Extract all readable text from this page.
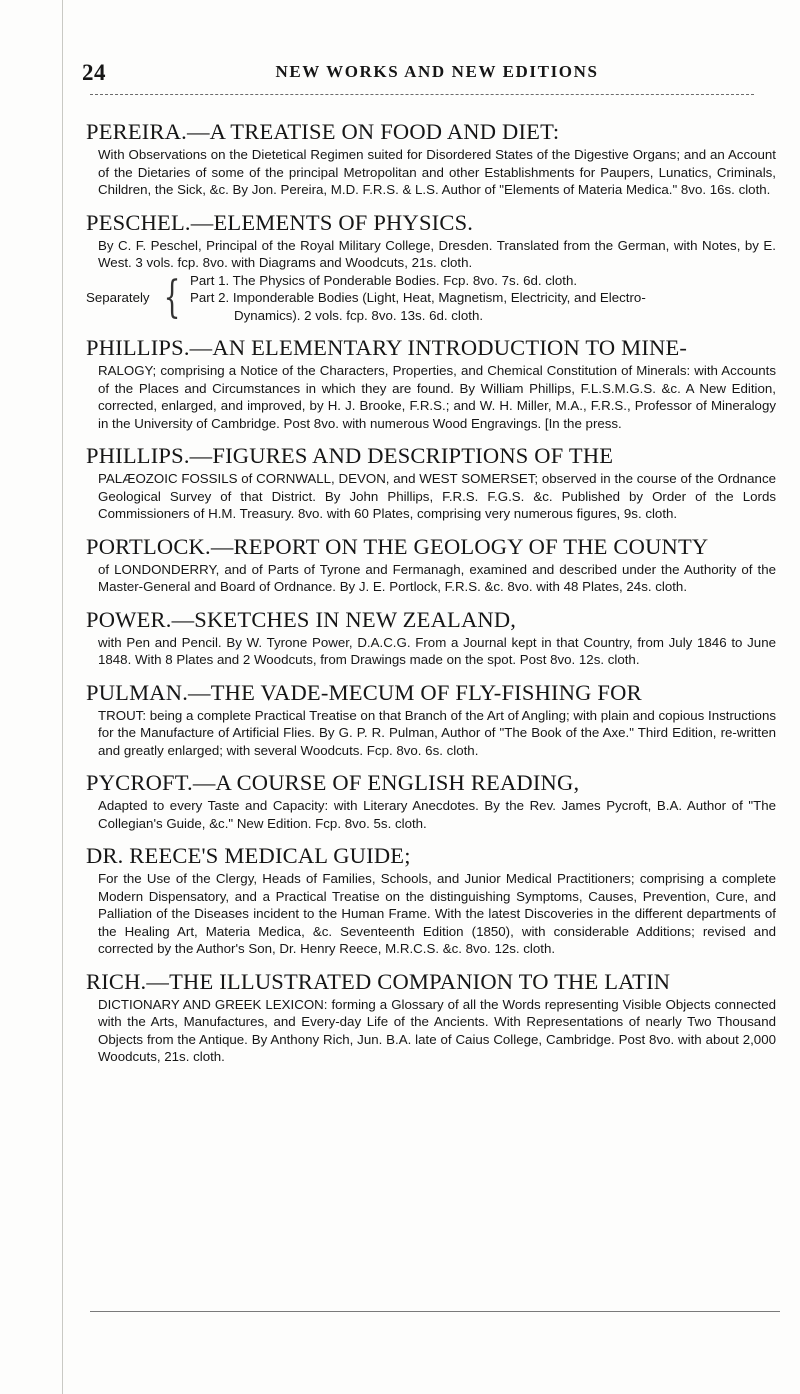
24	NEW WORKS AND NEW EDITIONS
PEREIRA.—A TREATISE ON FOOD AND DIET:
With Observations on the Dietetical Regimen suited for Disordered States of the Digestive Organs; and an Account of the Dietaries of some of the principal Metropolitan and other Establishments for Paupers, Lunatics, Criminals, Children, the Sick, &c. By Jon. Pereira, M.D. F.R.S. & L.S. Author of "Elements of Materia Medica." 8vo. 16s. cloth.
PESCHEL.—ELEMENTS OF PHYSICS.
By C. F. Peschel, Principal of the Royal Military College, Dresden. Translated from the German, with Notes, by E. West. 3 vols. fcp. 8vo. with Diagrams and Woodcuts, 21s. cloth.
Separately { Part 1. The Physics of Ponderable Bodies. Fcp. 8vo. 7s. 6d. cloth.
Part 2. Imponderable Bodies (Light, Heat, Magnetism, Electricity, and Electro-
Dynamics). 2 vols. fcp. 8vo. 13s. 6d. cloth.
PHILLIPS.—AN ELEMENTARY INTRODUCTION TO MINE-
RALOGY; comprising a Notice of the Characters, Properties, and Chemical Constitution of Minerals: with Accounts of the Places and Circumstances in which they are found. By William Phillips, F.L.S.M.G.S. &c. A New Edition, corrected, enlarged, and improved, by H. J. Brooke, F.R.S.; and W. H. Miller, M.A., F.R.S., Professor of Mineralogy in the University of Cambridge. Post 8vo. with numerous Wood Engravings. [In the press.
PHILLIPS.—FIGURES AND DESCRIPTIONS OF THE
PALÆOZOIC FOSSILS of CORNWALL, DEVON, and WEST SOMERSET; observed in the course of the Ordnance Geological Survey of that District. By John Phillips, F.R.S. F.G.S. &c. Published by Order of the Lords Commissioners of H.M. Treasury. 8vo. with 60 Plates, comprising very numerous figures, 9s. cloth.
PORTLOCK.—REPORT ON THE GEOLOGY OF THE COUNTY
of LONDONDERRY, and of Parts of Tyrone and Fermanagh, examined and described under the Authority of the Master-General and Board of Ordnance. By J. E. Portlock, F.R.S. &c. 8vo. with 48 Plates, 24s. cloth.
POWER.—SKETCHES IN NEW ZEALAND,
with Pen and Pencil. By W. Tyrone Power, D.A.C.G. From a Journal kept in that Country, from July 1846 to June 1848. With 8 Plates and 2 Woodcuts, from Drawings made on the spot. Post 8vo. 12s. cloth.
PULMAN.—THE VADE-MECUM OF FLY-FISHING FOR
TROUT: being a complete Practical Treatise on that Branch of the Art of Angling; with plain and copious Instructions for the Manufacture of Artificial Flies. By G. P. R. Pulman, Author of "The Book of the Axe." Third Edition, re-written and greatly enlarged; with several Woodcuts. Fcp. 8vo. 6s. cloth.
PYCROFT.—A COURSE OF ENGLISH READING,
Adapted to every Taste and Capacity: with Literary Anecdotes. By the Rev. James Pycroft, B.A. Author of "The Collegian's Guide, &c." New Edition. Fcp. 8vo. 5s. cloth.
DR. REECE'S MEDICAL GUIDE;
For the Use of the Clergy, Heads of Families, Schools, and Junior Medical Practitioners; comprising a complete Modern Dispensatory, and a Practical Treatise on the distinguishing Symptoms, Causes, Prevention, Cure, and Palliation of the Diseases incident to the Human Frame. With the latest Discoveries in the different departments of the Healing Art, Materia Medica, &c. Seventeenth Edition (1850), with considerable Additions; revised and corrected by the Author's Son, Dr. Henry Reece, M.R.C.S. &c. 8vo. 12s. cloth.
RICH.—THE ILLUSTRATED COMPANION TO THE LATIN
DICTIONARY AND GREEK LEXICON: forming a Glossary of all the Words representing Visible Objects connected with the Arts, Manufactures, and Every-day Life of the Ancients. With Representations of nearly Two Thousand Objects from the Antique. By Anthony Rich, Jun. B.A. late of Caius College, Cambridge. Post 8vo. with about 2,000 Woodcuts, 21s. cloth.
